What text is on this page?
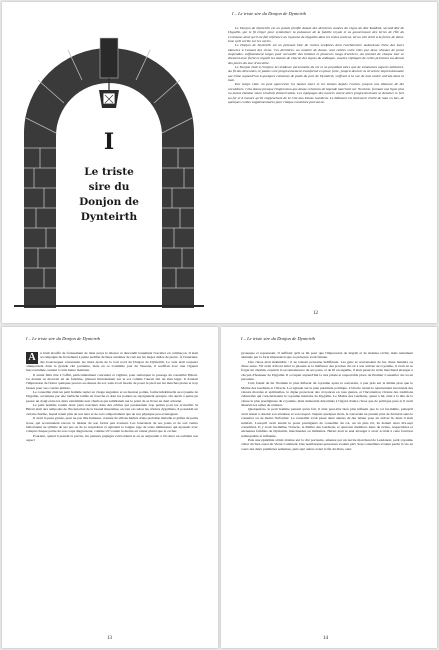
I – Le triste sire du Donjon de Dynteirth
I
Le triste
sire du
Donjon de
Dynteirth

Le Donjon de Dynteirth est un palais fortifié datant des dernières années du règne du Roi Kaldred, second Roi de Dygallie, qui le fit ériger pour symboliser la puissance de la famille royale et sa gouvernance des terres de l'Île du Croissant, ainsi qu'il est fait référence au royaume de Dygallie dans les textes anciens, tel un clin d'œil à la forme de demi-lune qu'il arrête sur les cartes.

Le Donjon de Dynteirth est un puissant bloc de roches sculptées dont l'architecture audacieuse élève des tours élancées à l'assaut des cieux. Ces dernières, au nombre de douze, sont reliées entre elles par deux niveaux de ponts suspendus, suffisamment larges pour accueillir des bulistes et plusieurs rangs d'archers. Au sommet de chaque tour se dressent avec fierté et orgueil les statues de chacun des signes du zodiaque, exactes répliques de celles présentes au-dessus des portes du mur d'enceinte.

Le Donjon était à l'origine la résidence personnelle du roi et ne possédait alors que de sommaires aspects militaires. Au fil des décennies, le palais s'est progressivement transformé en place forte, jusqu'à devenir la structure impressionnante qui trône aujourd'hui à quelques centaines de pieds du port de Dynteirth, s'offrant à la vue de tout navire entrant dans la baie.

Par temps clair, on peut apercevoir les hautes tours et les statues depuis l'océan, jusqu'à une distance de dix encablures. Cela donne presque l'impression que douze créatures de légende marchent sur l'horizon, formant une ligne plus ou moins étendue selon l'endroit d'observation. Les équipages des navires voient alors progressivement se dessiner le fort au fur et à mesure qu'ils s'approchent de la Cité aux Douze Gardiens. Le bâtiment est lentement révélé de haut en bas, de quelques cordes supplémentaires pour chaque encablure parcourue.

12
I – Le triste sire du Donjon de Dynteirth

A	u bruit étouffé de froissement de tissu perça le silence et descendit lentement l'escalier en colimaçon. Il était accompagné du frottement à peine audible de fines sandales de cuir sur les larges dalles de pierre. À l'extérieur, des bourrasques caressaient les murs épais de la tour nord du Donjon de Dynteirth. Le vent était toujours omniprésent dans la grande cité portuaire, mais en ce troisième jour du Taureau, il soufflait avec une vigueur inaccoutumée, tentant à cette heure matinale.

Il aurait fallu être à l'affût, particulièrement concentré et vigilant, pour remarquer le passage du conseiller Hérart. Ce dernier se mouvait tel un fantôme, glissant littéralement sur le sol comme l'aurait fait un élan léger. Il donnait l'impression de flotter quelques pouces au-dessus du sol, sans avoir besoin de poser le pied sur les marches plates et trop basses pour ses courtes jambes.

Le conseiller était un petit homme replet au visage angulaire et au menton pointu, forme inhabituelle au royaume de Dygallie, accentuée par une barbiche taillée en fourche et dont les pointes se rejoignaient presque. On aurait à peine pu passer un doigt entre les deux extrémités noir charbon qui semblaient sur le point de se livrer un duel acharné.

Le petit homme roulait deux yeux soucieux dans des orbites qui paraissaient trop petites pour les accueillir. Si Hérart était aux antipodes de l'incarnation de la beauté masculine, en tout cas selon les critères dygalliens, il possédait un certain charme, lequel tenait plus de son aura et de son comportement que de son physique peu avantageux.

Il avait la peau grasse, pour ne pas dire huileuse, creusée de sillons hérités d'une probable maladie et grêlée de petits trous, qui accentuaient encore la laideur de son faciès peu avenant. Les bourrelets de ses joues et de son ventre ballottaient au rythme de ses pas ou de sa respiration et agitaient la longue toge de soies lumineuses qui épousait avec volupté chaque partie de son corps disgracieux, comme s'il voulait le mettre en valeur plutôt que le cacher.

Pourtant, quand il prenait la parole, les pensées préjugés s'envolaient et on se surprenait à l'écouter en oubliant son aspect

13
I – Le triste sire du Donjon de Dynteirth

grotesque et repoussant. Il suffisait qu'il se tût pour que l'impression de dégoût et de malaise revînt, mais nettement atténuée par la forte impression que sa présence avait laissée.

Une chose était indéniable : il ne laissait personne indifférent. Les gens se souvenaient de lui, d'une manière ou d'une autre. S'il avait d'abord attiré la jalousie et la méfiance des proches du roi à son arrivée au royaume, il avait su se forger un chemin, acquérir la reconnaissance de ses pairs, et de fil en aiguille, il était passé de riche marchand étranger à citoyen d'honneur de Dygallie. Il occupait aujourd'hui la très prisée et respectable place de Premier Conseiller du roi en personne.

Cela faisait de lui l'homme le plus influent du royaume après le souverain, à peu près sur le même plan que le Maître des Gardiens et l'Oracle. Loi agissait sur le plan purement politique. L'Oracle restait le représentant incontesté des valeurs morales et spirituelles, le digne protecteur des croyances en tous genres, et l'incarnation vivante des traditions culturelles qui caractérisaient le royaume insulaire de Dygallie. Le Maître des Gardiens, quant à lui, était à la tête de la classe la plus prestigieuse du royaume, mais demeurait désormais à l'égard d'autre chose que de politique pure et il avait désertés les salles de réunion.

Quelquefois, le petit homme pensait qu'en fait, il était peut-être bien plus influent que le roi lui-même, puisqu'il avait réussi à obtenir son attention et son respect. Depuis quelques mois, le souverain ne prenait plus de décision sans le consulter ou au moins l'informer. Le conseiller avait passé deux années de dur labeur pour en arriver là, mais il était satisfait. Lorsqu'il avait atteint le poste prestigieux de conseiller du roi, un an plus tôt, ils étaient alors dix-sept conseillers. Il y avait lui-même, l'Oracle, le Maître des Gardiens, et quatorze membres issus de riches, respectables et anciennes familles de Dynteirth, marchandes ou militaires. Hérart était le seul étranger à avoir accédé à cette fonction remarquable et influente.

Puis une épidémie s'était abattue sur la cité portuaire, amenée par un navire marchand de Lendanoir, petit royaume côtier du Sud-ouest du Vieux Continent. Des nombreuses personnes avaient péri. Sept conseillers avaient perdu la vie au cours des deux premières semaines, puis sept autres avant la fin du mois, sans

14
